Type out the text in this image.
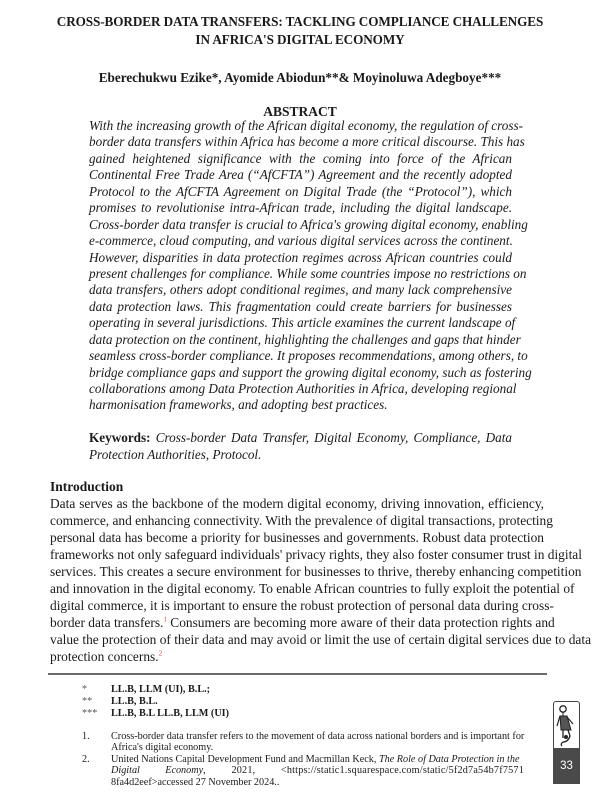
CROSS-BORDER DATA TRANSFERS: TACKLING COMPLIANCE CHALLENGES
IN AFRICA'S DIGITAL ECONOMY
Eberechukwu Ezike*, Ayomide Abiodun**& Moyinoluwa Adegboye***
ABSTRACT
With the increasing growth of the African digital economy, the regulation of cross-
border data transfers within Africa has become a more critical discourse. This has
gained heightened significance with the coming into force of the African
Continental Free Trade Area (“AfCFTA”) Agreement and the recently adopted
Protocol to the AfCFTA Agreement on Digital Trade (the “Protocol”), which
promises to revolutionise intra-African trade, including the digital landscape.
Cross-border data transfer is crucial to Africa's growing digital economy, enabling
e-commerce, cloud computing, and various digital services across the continent.
However, disparities in data protection regimes across African countries could
present challenges for compliance. While some countries impose no restrictions on
data transfers, others adopt conditional regimes, and many lack comprehensive
data protection laws. This fragmentation could create barriers for businesses
operating in several jurisdictions. This article examines the current landscape of
data protection on the continent, highlighting the challenges and gaps that hinder
seamless cross-border compliance. It proposes recommendations, among others, to
bridge compliance gaps and support the growing digital economy, such as fostering
collaborations among Data Protection Authorities in Africa, developing regional
harmonisation frameworks, and adopting best practices.
Keywords: Cross-border Data Transfer, Digital Economy, Compliance, Data
Protection Authorities, Protocol.
Introduction
Data serves as the backbone of the modern digital economy, driving innovation, efficiency,
commerce, and enhancing connectivity. With the prevalence of digital transactions, protecting
personal data has become a priority for businesses and governments. Robust data protection
frameworks not only safeguard individuals' privacy rights, they also foster consumer trust in digital
services. This creates a secure environment for businesses to thrive, thereby enhancing competition
and innovation in the digital economy. To enable African countries to fully exploit the potential of
digital commerce, it is important to ensure the robust protection of personal data during cross-
border data transfers.$^1$ Consumers are becoming more aware of their data protection rights and
value the protection of their data and may avoid or limit the use of certain digital services due to data
protection concerns.$^2$
*	LL.B, LLM (UI), B.L.;
**	LL.B, B.L.
***	LL.B, B.L LL.B, LLM (UI)
1. Cross-border data transfer refers to the movement of data across national borders and is important for
Africa's digital economy.
2. United Nations Capital Development Fund and Macmillan Keck, The Role of Data Protection in the
Digital Economy, 2021, <https://static1.squarespace.com/static/5f2d7a54b7f7571
8fa4d2eef>accessed 27 November 2024..
33
